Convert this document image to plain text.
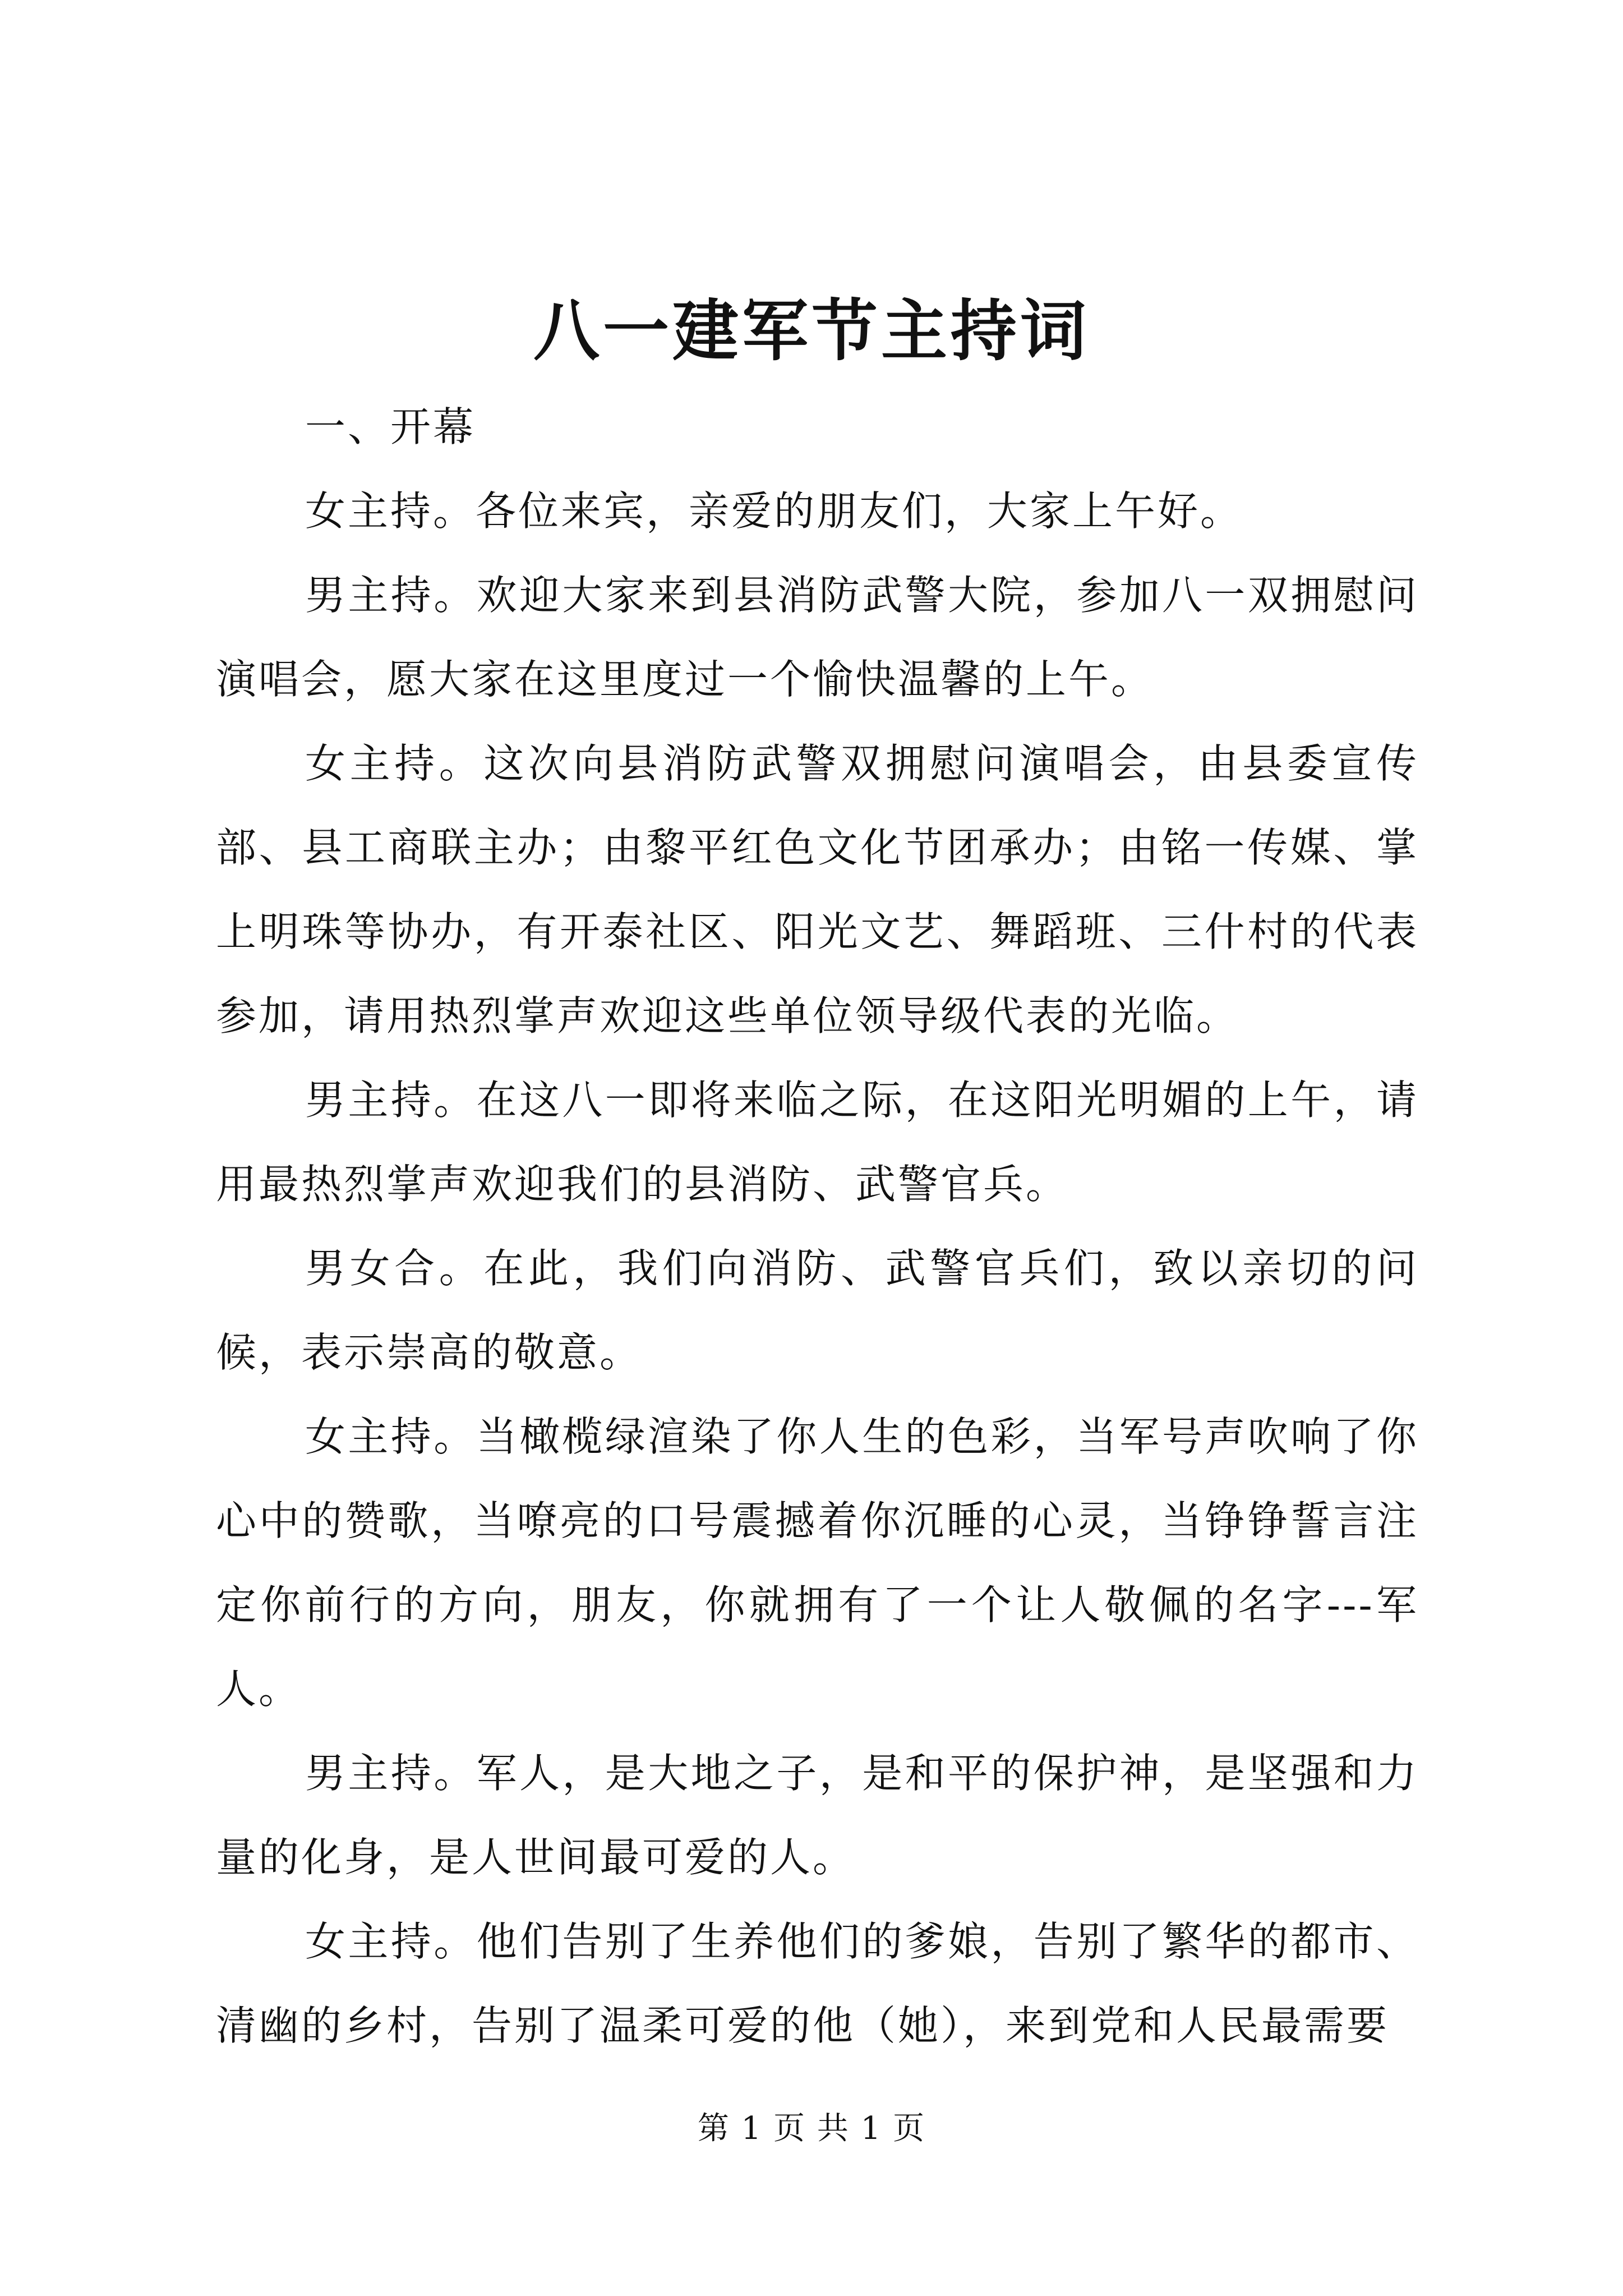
八一建军节主持词

一、开幕

女主持。各位来宾，亲爱的朋友们，大家上午好。

男主持。欢迎大家来到县消防武警大院，参加八一双拥慰问演唱会，愿大家在这里度过一个愉快温馨的上午。

女主持。这次向县消防武警双拥慰问演唱会，由县委宣传部、县工商联主办；由黎平红色文化节团承办；由铭一传媒、掌上明珠等协办，有开泰社区、阳光文艺、舞蹈班、三什村的代表参加，请用热烈掌声欢迎这些单位领导级代表的光临。

男主持。在这八一即将来临之际，在这阳光明媚的上午，请用最热烈掌声欢迎我们的县消防、武警官兵。

男女合。在此，我们向消防、武警官兵们，致以亲切的问候，表示崇高的敬意。

女主持。当橄榄绿渲染了你人生的色彩，当军号声吹响了你心中的赞歌，当嘹亮的口号震撼着你沉睡的心灵，当铮铮誓言注定你前行的方向，朋友，你就拥有了一个让人敬佩的名字---军人。

男主持。军人，是大地之子，是和平的保护神，是坚强和力量的化身，是人世间最可爱的人。

女主持。他们告别了生养他们的爹娘，告别了繁华的都市、清幽的乡村，告别了温柔可爱的他（她），来到党和人民最需要

第 1 页 共 1 页
